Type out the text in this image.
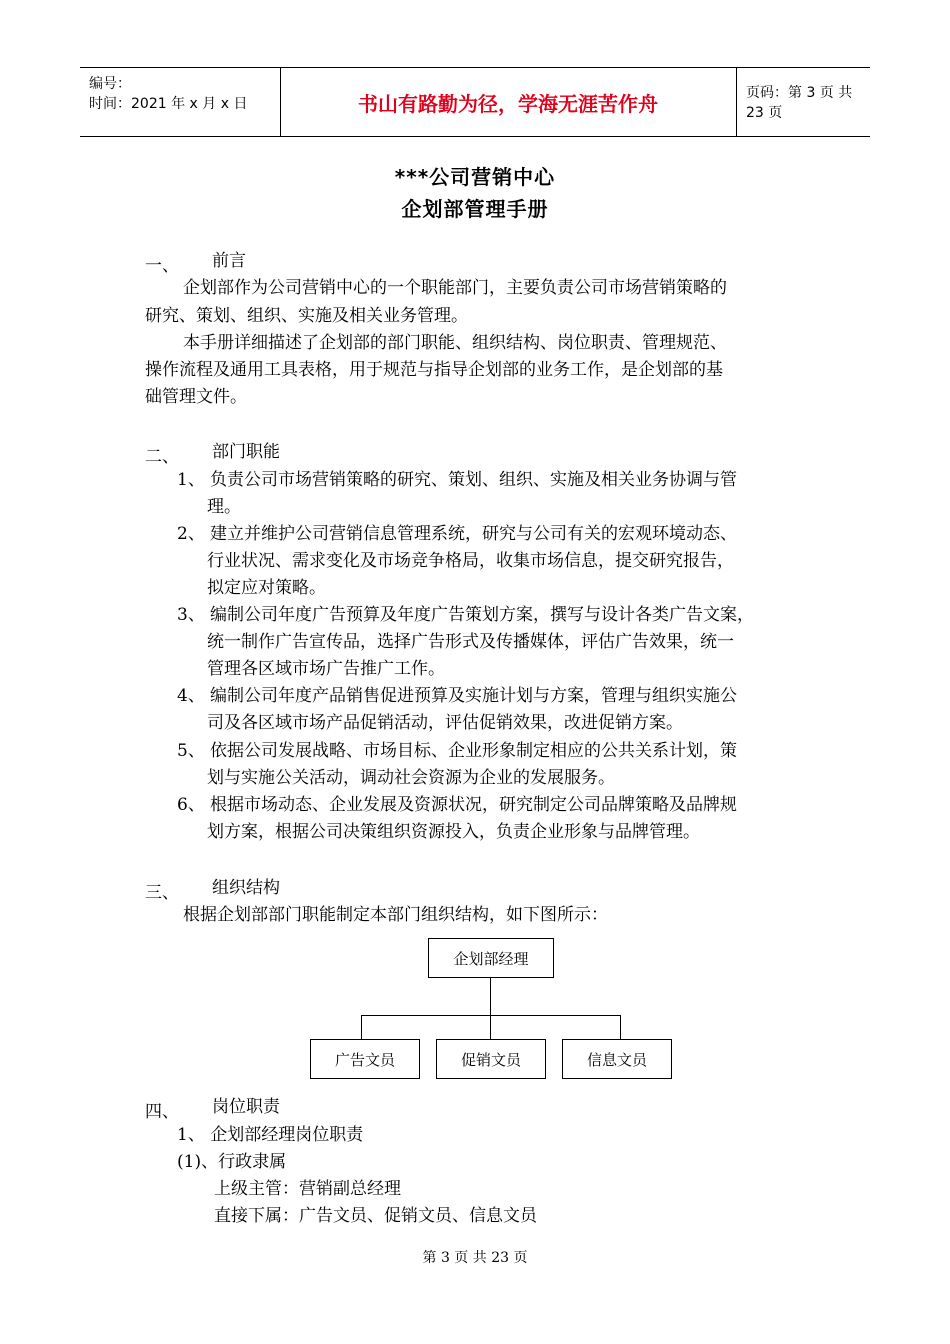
编号：
时间：2021 年 x 月 x 日	书山有路勤为径，学海无涯苦作舟	页码：第 3 页 共 23 页
***公司营销中心
企划部管理手册
一、 前言
企划部作为公司营销中心的一个职能部门，主要负责公司市场营销策略的
研究、策划、组织、实施及相关业务管理。
本手册详细描述了企划部的部门职能、组织结构、岗位职责、管理规范、
操作流程及通用工具表格，用于规范与指导企划部的业务工作，是企划部的基
础管理文件。
二、 部门职能
1、 负责公司市场营销策略的研究、策划、组织、实施及相关业务协调与管
理。
2、 建立并维护公司营销信息管理系统，研究与公司有关的宏观环境动态、
行业状况、需求变化及市场竞争格局，收集市场信息，提交研究报告，
拟定应对策略。
3、 编制公司年度广告预算及年度广告策划方案，撰写与设计各类广告文案，
统一制作广告宣传品，选择广告形式及传播媒体，评估广告效果，统一
管理各区域市场广告推广工作。
4、 编制公司年度产品销售促进预算及实施计划与方案，管理与组织实施公
司及各区域市场产品促销活动，评估促销效果，改进促销方案。
5、 依据公司发展战略、市场目标、企业形象制定相应的公共关系计划，策
划与实施公关活动，调动社会资源为企业的发展服务。
6、 根据市场动态、企业发展及资源状况，研究制定公司品牌策略及品牌规
划方案，根据公司决策组织资源投入，负责企业形象与品牌管理。
三、 组织结构
根据企划部部门职能制定本部门组织结构，如下图所示：
企划部经理
广告文员	促销文员	信息文员
四、 岗位职责
1、 企划部经理岗位职责
(1)、行政隶属
上级主管：营销副总经理
直接下属：广告文员、促销文员、信息文员
第 3 页 共 23 页
